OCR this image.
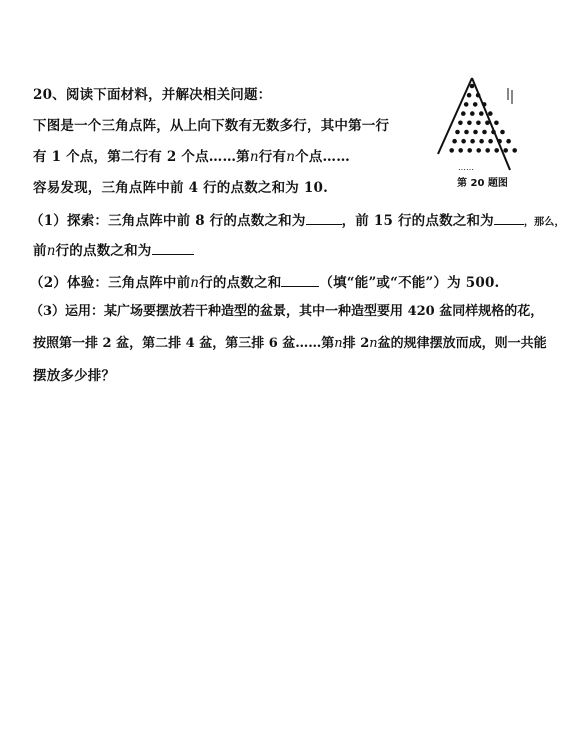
20、阅读下面材料，并解决相关问题：
下图是一个三角点阵，从上向下数有无数多行，其中第一行
有 1 个点，第二行有 2 个点……第n行有n个点……
容易发现，三角点阵中前 4 行的点数之和为 10.
（1）探索：三角点阵中前 8 行的点数之和为	，前 15 行的点数之和为	，那么，
前n行的点数之和为
（2）体验：三角点阵中前n行的点数之和	（填“能”或“不能”）为 500.
（3）运用：某广场要摆放若干种造型的盆景，其中一种造型要用 420 盆同样规格的花，
按照第一排 2 盆，第二排 4 盆，第三排 6 盆……第n排 2n盆的规律摆放而成，则一共能
摆放多少排？
……
第 20 题图
